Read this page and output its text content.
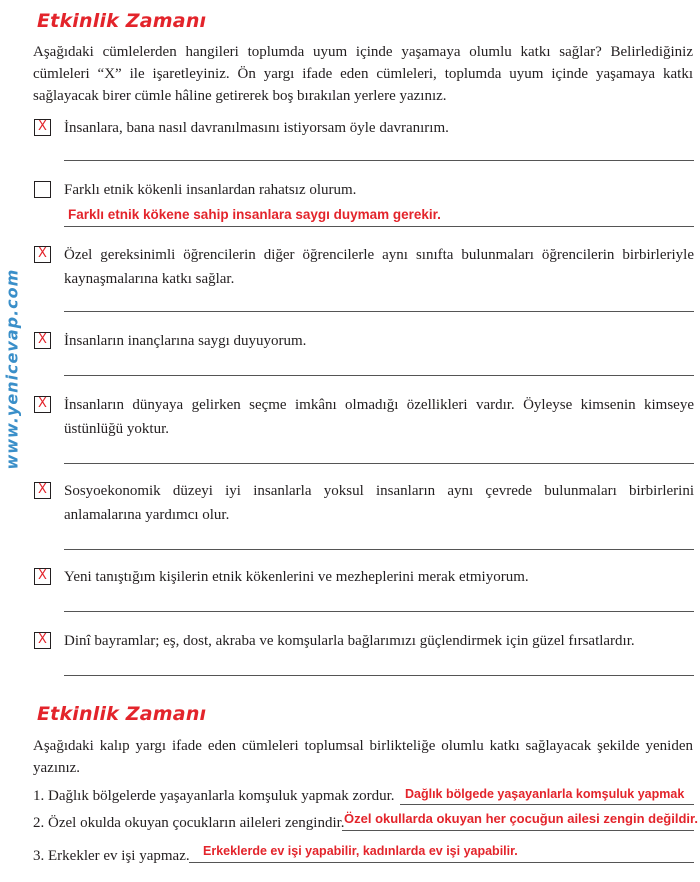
www.yenicevap.com
Etkinlik Zamanı
Aşağıdaki cümlelerden hangileri toplumda uyum içinde yaşamaya olumlu katkı sağlar? Belirlediğiniz cümleleri “X” ile işaretleyiniz. Ön yargı ifade eden cümleleri, toplumda uyum içinde yaşamaya katkı sağlayacak birer cümle hâline getirerek boş bırakılan yerlere yazınız.
X İnsanlara, bana nasıl davranılmasını istiyorsam öyle davranırım.
Farklı etnik kökenli insanlardan rahatsız olurum.
Farklı etnik kökene sahip insanlara saygı duymam gerekir.
X Özel gereksinimli öğrencilerin diğer öğrencilerle aynı sınıfta bulunmaları öğrencilerin birbirleriyle kaynaşmalarına katkı sağlar.
X İnsanların inançlarına saygı duyuyorum.
X İnsanların dünyaya gelirken seçme imkânı olmadığı özellikleri vardır. Öyleyse kimsenin kimseye üstünlüğü yoktur.
X Sosyoekonomik düzeyi iyi insanlarla yoksul insanların aynı çevrede bulunmaları birbirlerini anlamalarına yardımcı olur.
X Yeni tanıştığım kişilerin etnik kökenlerini ve mezheplerini merak etmiyorum.
X Dinî bayramlar; eş, dost, akraba ve komşularla bağlarımızı güçlendirmek için güzel fırsatlardır.
Etkinlik Zamanı
Aşağıdaki kalıp yargı ifade eden cümleleri toplumsal birlikteliğe olumlu katkı sağlayacak şekilde yeniden yazınız.
1. Dağlık bölgelerde yaşayanlarla komşuluk yapmak zordur. Dağlık bölgede yaşayanlarla komşuluk yapmak
2. Özel okulda okuyan çocukların aileleri zengindir. Özel okullarda okuyan her çocuğun ailesi zengin değildir.
3. Erkekler ev işi yapmaz. Erkeklerde ev işi yapabilir, kadınlarda ev işi yapabilir.
